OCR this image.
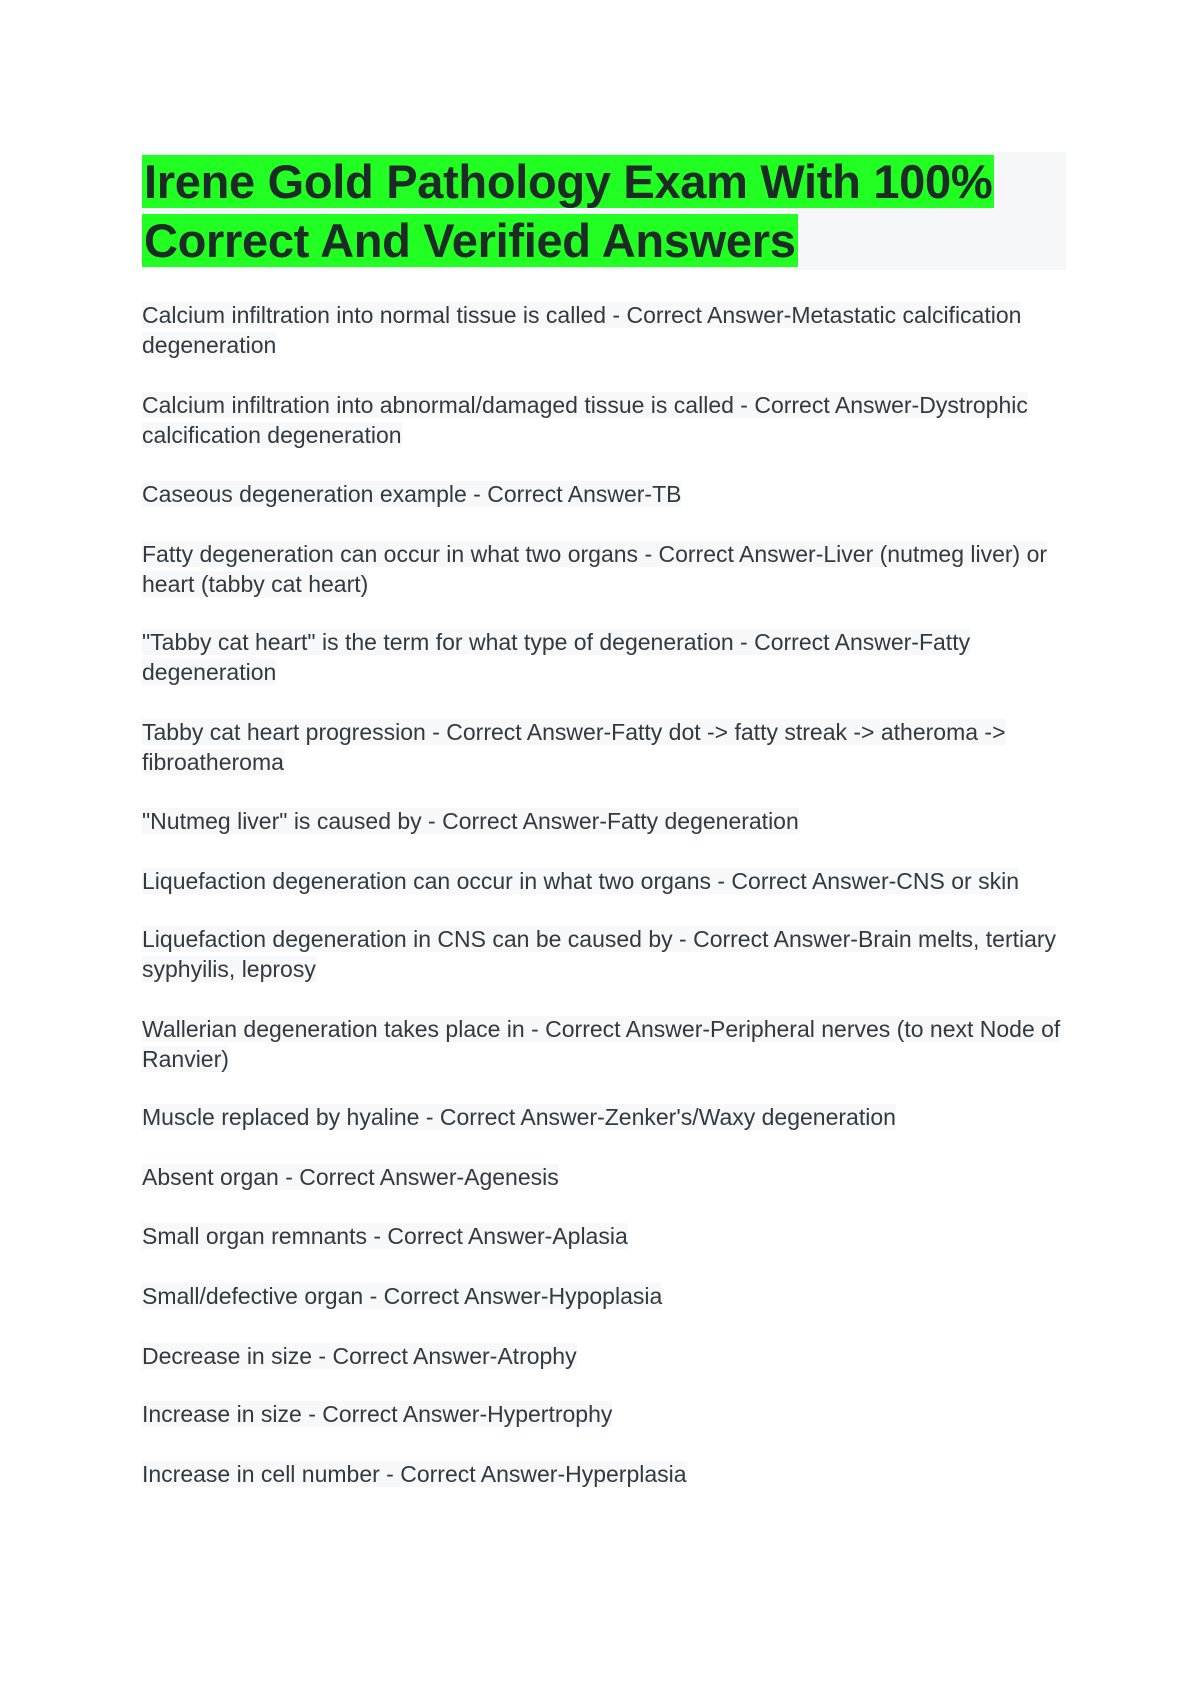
Irene Gold Pathology Exam With 100% Correct And Verified Answers
Calcium infiltration into normal tissue is called - Correct Answer-Metastatic calcification degeneration
Calcium infiltration into abnormal/damaged tissue is called - Correct Answer-Dystrophic calcification degeneration
Caseous degeneration example - Correct Answer-TB
Fatty degeneration can occur in what two organs - Correct Answer-Liver (nutmeg liver) or heart (tabby cat heart)
"Tabby cat heart" is the term for what type of degeneration - Correct Answer-Fatty degeneration
Tabby cat heart progression - Correct Answer-Fatty dot -> fatty streak -> atheroma -> fibroatheroma
"Nutmeg liver" is caused by - Correct Answer-Fatty degeneration
Liquefaction degeneration can occur in what two organs - Correct Answer-CNS or skin
Liquefaction degeneration in CNS can be caused by - Correct Answer-Brain melts, tertiary syphyilis, leprosy
Wallerian degeneration takes place in - Correct Answer-Peripheral nerves (to next Node of Ranvier)
Muscle replaced by hyaline - Correct Answer-Zenker's/Waxy degeneration
Absent organ - Correct Answer-Agenesis
Small organ remnants - Correct Answer-Aplasia
Small/defective organ - Correct Answer-Hypoplasia
Decrease in size - Correct Answer-Atrophy
Increase in size - Correct Answer-Hypertrophy
Increase in cell number - Correct Answer-Hyperplasia
